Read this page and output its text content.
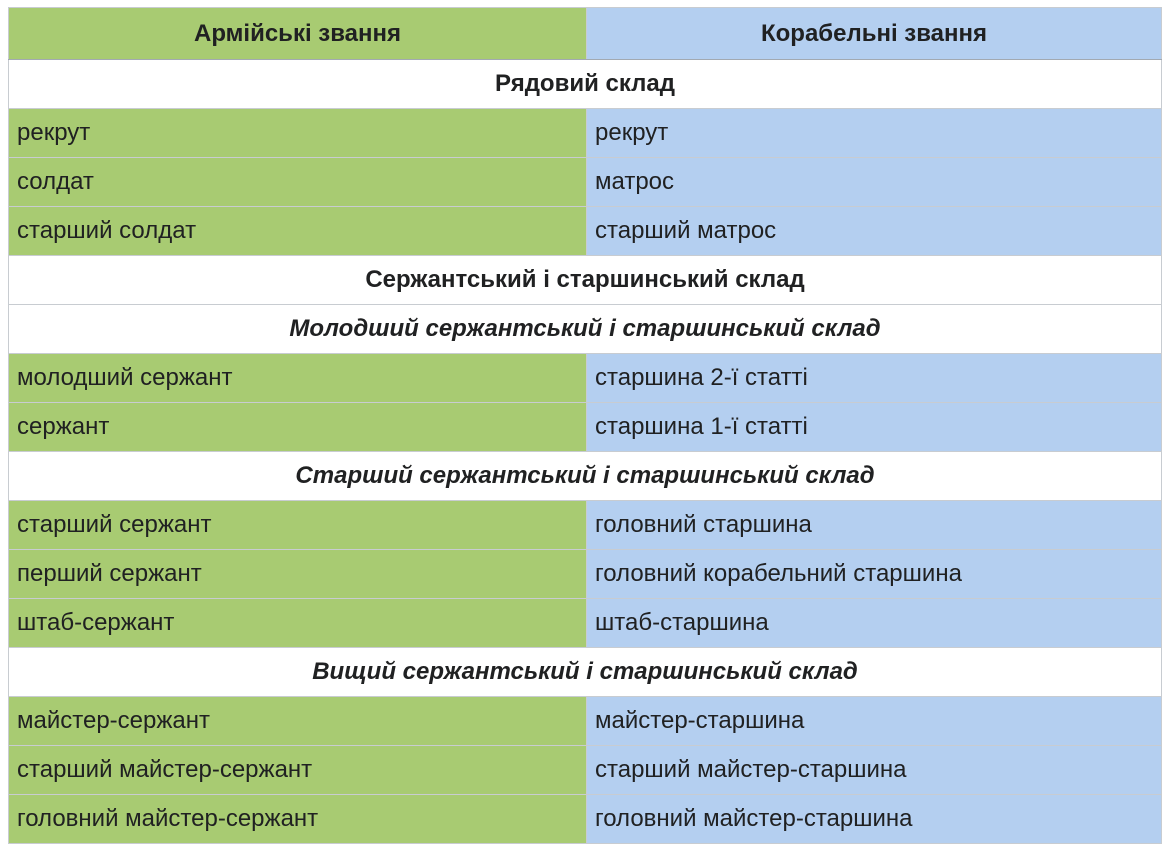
Армійські звання	Корабельні звання
Рядовий склад	
рекрут	рекрут
солдат	матрос
старший солдат	старший матрос
Сержантський і старшинський склад	
Молодший сержантський і старшинський склад	
молодший сержант	старшина 2-ї статті
сержант	старшина 1-ї статті
Старший сержантський і старшинський склад	
старший сержант	головний старшина
перший сержант	головний корабельний старшина
штаб-сержант	штаб-старшина
Вищий сержантський і старшинський склад	
майстер-сержант	майстер-старшина
старший майстер-сержант	старший майстер-старшина
головний майстер-сержант	головний майстер-старшина
